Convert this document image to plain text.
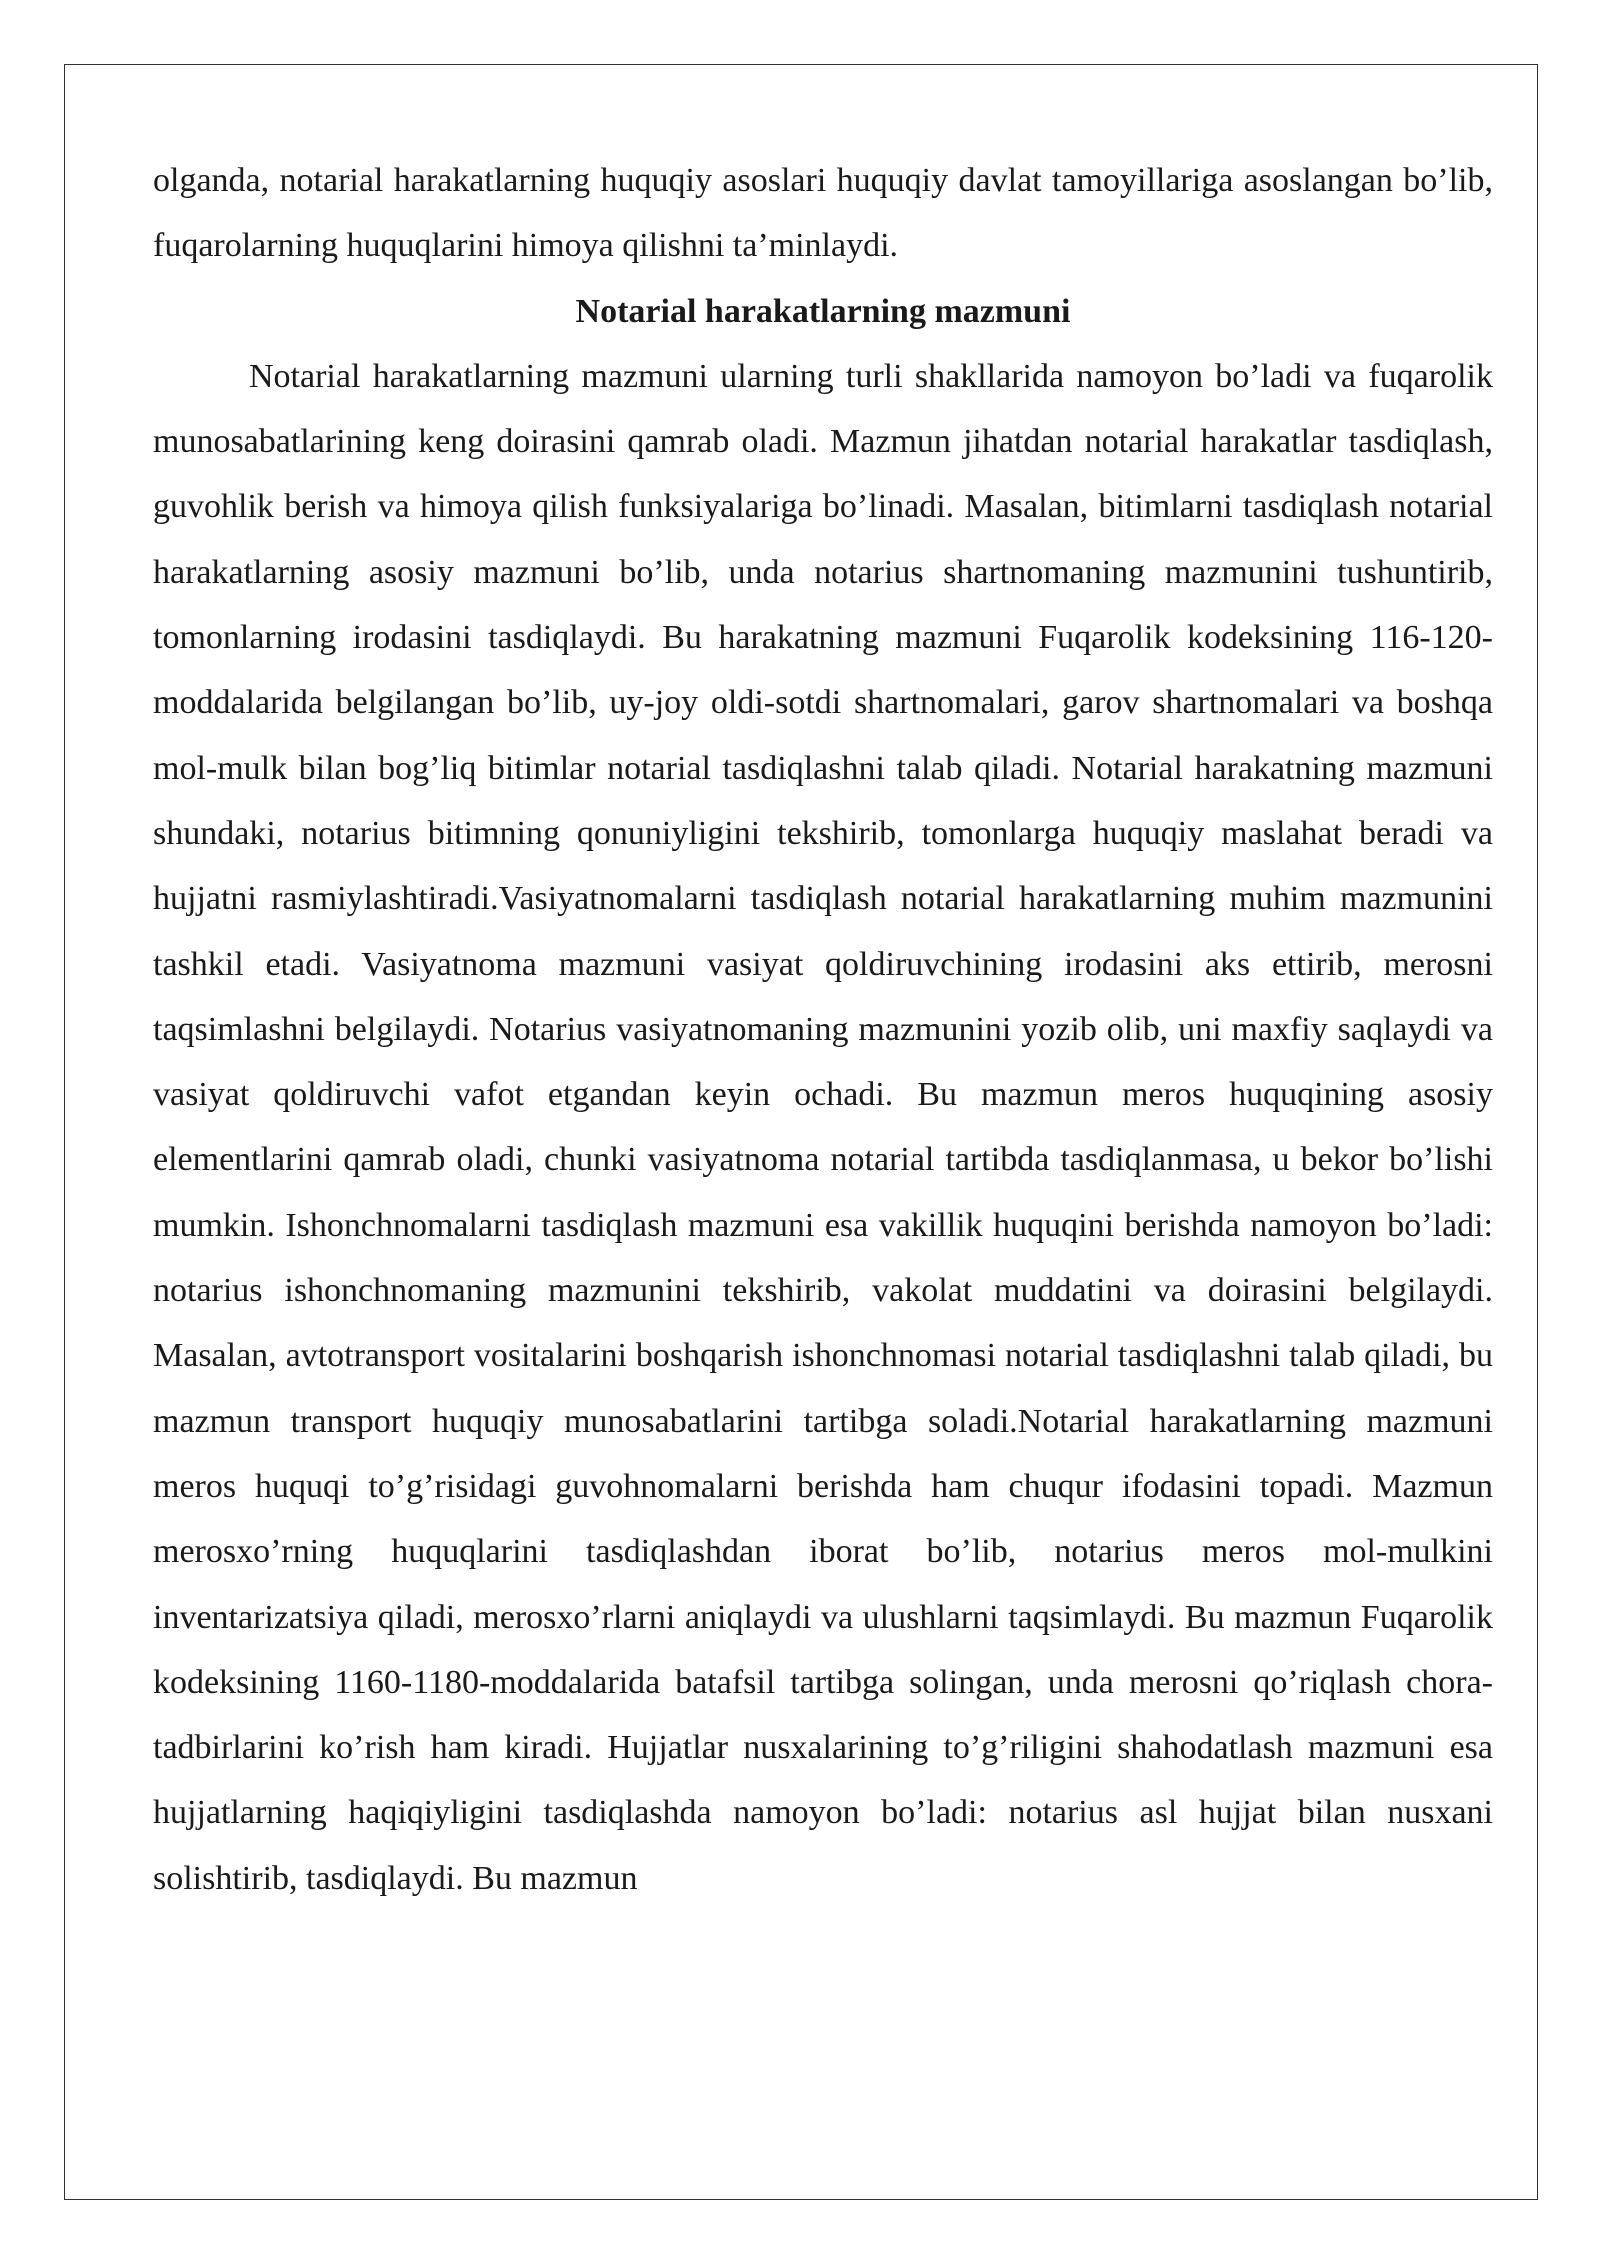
olganda, notarial harakatlarning huquqiy asoslari huquqiy davlat tamoyillariga asoslangan bo’lib, fuqarolarning huquqlarini himoya qilishni ta’minlaydi.

Notarial harakatlarning mazmuni

Notarial harakatlarning mazmuni ularning turli shakllarida namoyon bo’ladi va fuqarolik munosabatlarining keng doirasini qamrab oladi. Mazmun jihatdan notarial harakatlar tasdiqlash, guvohlik berish va himoya qilish funksiyalariga bo’linadi. Masalan, bitimlarni tasdiqlash notarial harakatlarning asosiy mazmuni bo’lib, unda notarius shartnomaning mazmunini tushuntirib, tomonlarning irodasini tasdiqlaydi. Bu harakatning mazmuni Fuqarolik kodeksining 116-120-moddalarida belgilangan bo’lib, uy-joy oldi-sotdi shartnomalari, garov shartnomalari va boshqa mol-mulk bilan bog’liq bitimlar notarial tasdiqlashni talab qiladi. Notarial harakatning mazmuni shundaki, notarius bitimning qonuniyligini tekshirib, tomonlarga huquqiy maslahat beradi va hujjatni rasmiylashtiradi.Vasiyatnomalarni tasdiqlash notarial harakatlarning muhim mazmunini tashkil etadi. Vasiyatnoma mazmuni vasiyat qoldiruvchining irodasini aks ettirib, merosni taqsimlashni belgilaydi. Notarius vasiyatnomaning mazmunini yozib olib, uni maxfiy saqlaydi va vasiyat qoldiruvchi vafot etgandan keyin ochadi. Bu mazmun meros huquqining asosiy elementlarini qamrab oladi, chunki vasiyatnoma notarial tartibda tasdiqlanmasa, u bekor bo’lishi mumkin. Ishonchnomalarni tasdiqlash mazmuni esa vakillik huquqini berishda namoyon bo’ladi: notarius ishonchnomaning mazmunini tekshirib, vakolat muddatini va doirasini belgilaydi. Masalan, avtotransport vositalarini boshqarish ishonchnomasi notarial tasdiqlashni talab qiladi, bu mazmun transport huquqiy munosabatlarini tartibga soladi.Notarial harakatlarning mazmuni meros huquqi to’g’risidagi guvohnomalarni berishda ham chuqur ifodasini topadi. Mazmun merosxo’rning huquqlarini tasdiqlashdan iborat bo’lib, notarius meros mol-mulkini inventarizatsiya qiladi, merosxo’rlarni aniqlaydi va ulushlarni taqsimlaydi. Bu mazmun Fuqarolik kodeksining 1160-1180-moddalarida batafsil tartibga solingan, unda merosni qo’riqlash chora-tadbirlarini ko’rish ham kiradi. Hujjatlar nusxalarining to’g’riligini shahodatlash mazmuni esa hujjatlarning haqiqiyligini tasdiqlashda namoyon bo’ladi: notarius asl hujjat bilan nusxani solishtirib, tasdiqlaydi. Bu mazmun
